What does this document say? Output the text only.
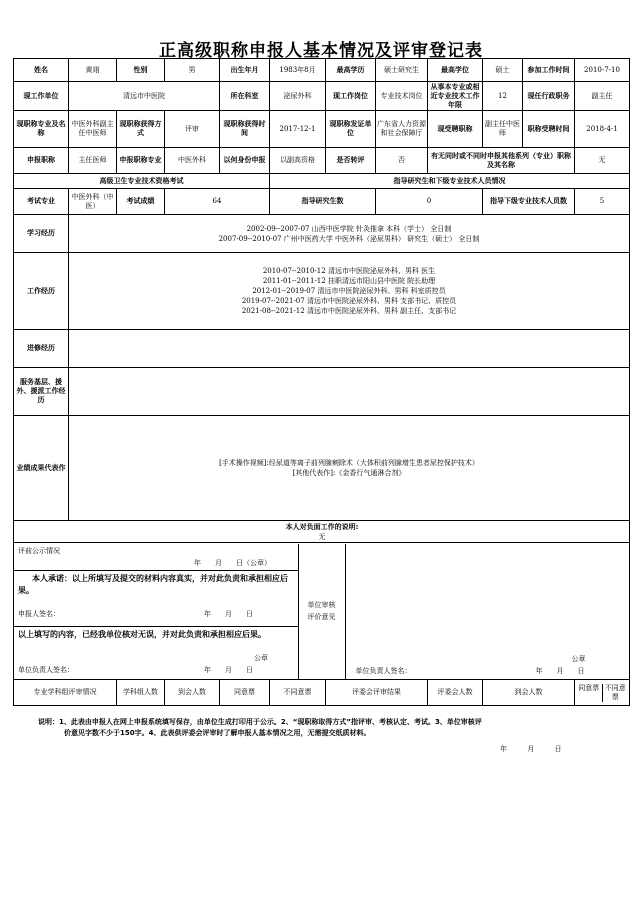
正高级职称申报人基本情况及评审登记表
姓名	黄翊	性别	男	出生年月	1983年8月	最高学历	硕士研究生	最高学位	硕士	参加工作时间	2010-7-10
现工作单位	清远市中医院	所在科室	泌尿外科	现工作岗位	专业技术岗位	从事本专业或相近专业技术工作年限	12	现任行政职务	副主任
现职称专业及名称	中医外科副主任中医师	现职称获得方式	评审	现职称获得时间	2017-12-1	现职称发证单位	广东省人力资源和社会保障厅	现受聘职称	副主任中医师	职称受聘时间	2018-4-1
申报职称	主任医师	申报职称专业	中医外科	以何身份申报	以副高资格	是否转评	否	有无同时或不同时申报其他系列（专业）职称及其名称	无
高级卫生专业技术资格考试	指导研究生和下级专业技术人员情况
考试专业	中医外科（中医）	考试成绩	64	指导研究生数	0	指导下级专业技术人员数	5
学习经历	
2002-09--2007-07 山西中医学院 针灸推拿 本科（学士） 全日制
2007-09--2010-07 广州中医药大学 中医外科（泌尿男科） 研究生（硕士） 全日制

工作经历	
2010-07--2010-12 清远市中医院泌尿外科、男科 医生
2011-01--2011-12 挂职清远市阳山县中医院 院长助理
2012-01--2019-07 清远市中医院泌尿外科、男科 科室质控员
2019-07--2021-07 清远市中医院泌尿外科、男科 支部书记、质控员
2021-08--2021-12 清远市中医院泌尿外科、男科 副主任、支部书记

进修经历	
服务基层、援外、援派工作经历	
业绩成果代表作	
[手术操作视频]:经尿道等离子前列腺剜除术（大体积前列腺增生患者尿控保护技术）
[其他代表作]:《金香行气通淋合剂》

本人对负面工作的说明:
无

评前公示情况
年　　月　　日（公章）
本人承诺：以上所填写及提交的材料内容真实，并对此负责和承担相应后果。
申报人签名：	年　　月　　日
以上填写的内容，已经我单位核对无误，并对此负责和承担相应后果。
公章
单位负责人签名：	年　　月　　日
	单位审核评价意见	
公章
单位负责人签名：	年　　月　　日

专业学科组评审情况	学科组人数	到会人数	同意票	不同意票	评委会评审结果	评委会人数	到会人数	
同意票 不同意票
说明：1、此表由申报人在网上申报系统填写保存，由单位生成打印用于公示。2、“现职称取得方式”指评审、考核认定、考试。3、单位审核评
价意见字数不少于150字。4、此表供评委会评审时了解申报人基本情况之用，无需提交纸质材料。
年 月 日
